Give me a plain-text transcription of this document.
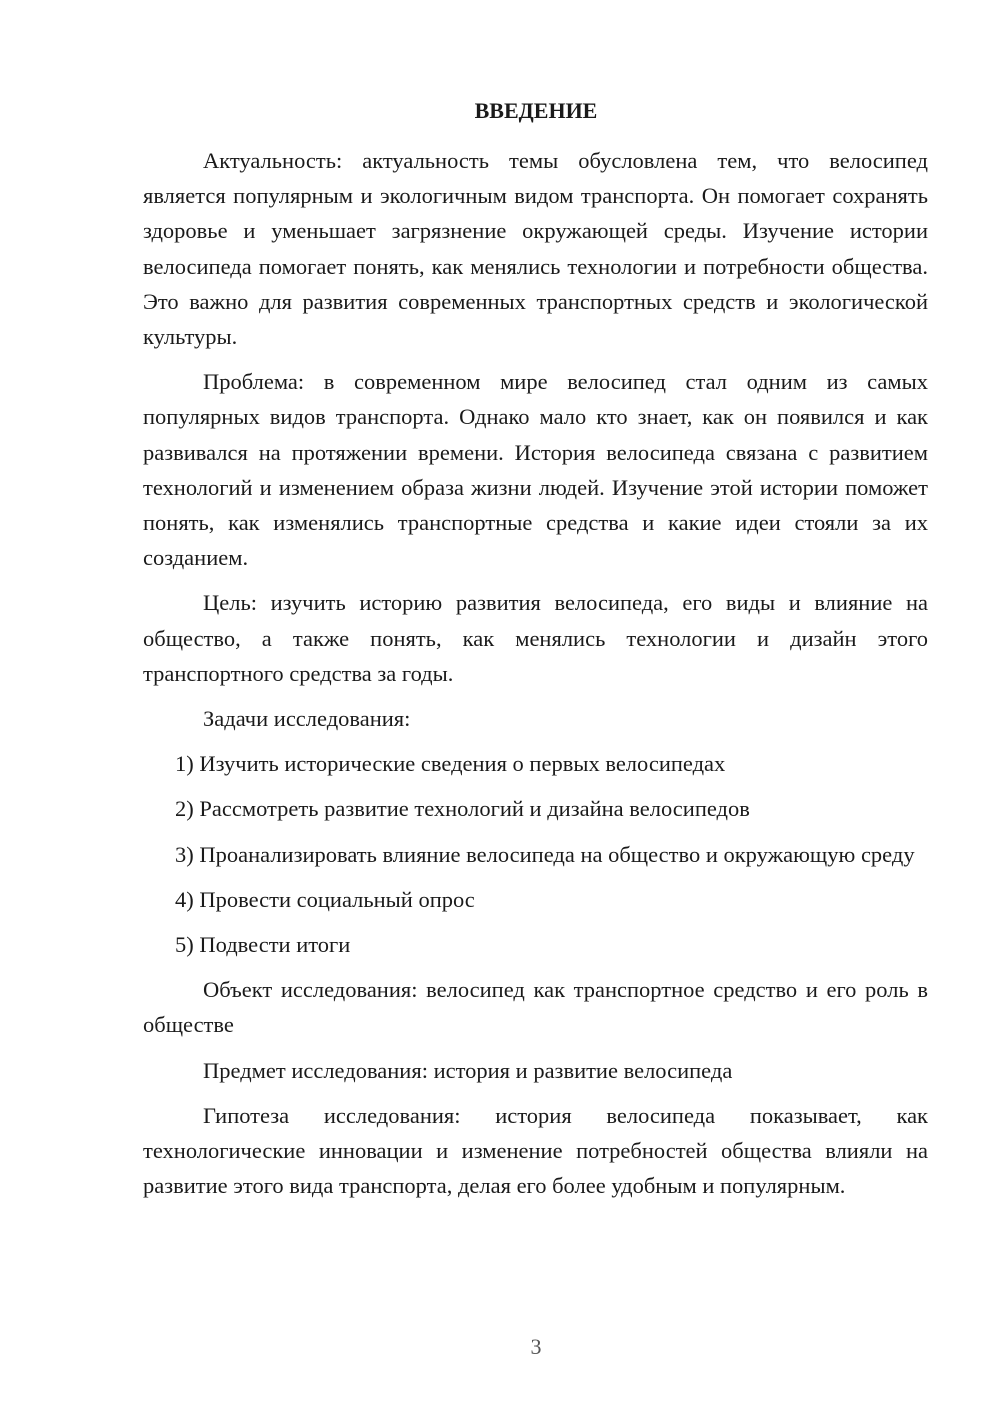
ВВЕДЕНИЕ

Актуальность: актуальность темы обусловлена тем, что велосипед является популярным и экологичным видом транспорта. Он помогает сохранять здоровье и уменьшает загрязнение окружающей среды. Изучение истории велосипеда помогает понять, как менялись технологии и потребности общества. Это важно для развития современных транспортных средств и экологической культуры.

Проблема: в современном мире велосипед стал одним из самых популярных видов транспорта. Однако мало кто знает, как он появился и как развивался на протяжении времени. История велосипеда связана с развитием технологий и изменением образа жизни людей. Изучение этой истории поможет понять, как изменялись транспортные средства и какие идеи стояли за их созданием.

Цель: изучить историю развития велосипеда, его виды и влияние на общество, а также понять, как менялись технологии и дизайн этого транспортного средства за годы.

Задачи исследования:

1) Изучить исторические сведения о первых велосипедах

2) Рассмотреть развитие технологий и дизайна велосипедов

3) Проанализировать влияние велосипеда на общество и окружающую среду

4) Провести социальный опрос

5) Подвести итоги

Объект исследования: велосипед как транспортное средство и его роль в обществе

Предмет исследования: история и развитие велосипеда

Гипотеза исследования: история велосипеда показывает, как технологические инновации и изменение потребностей общества влияли на развитие этого вида транспорта, делая его более удобным и популярным.

3
